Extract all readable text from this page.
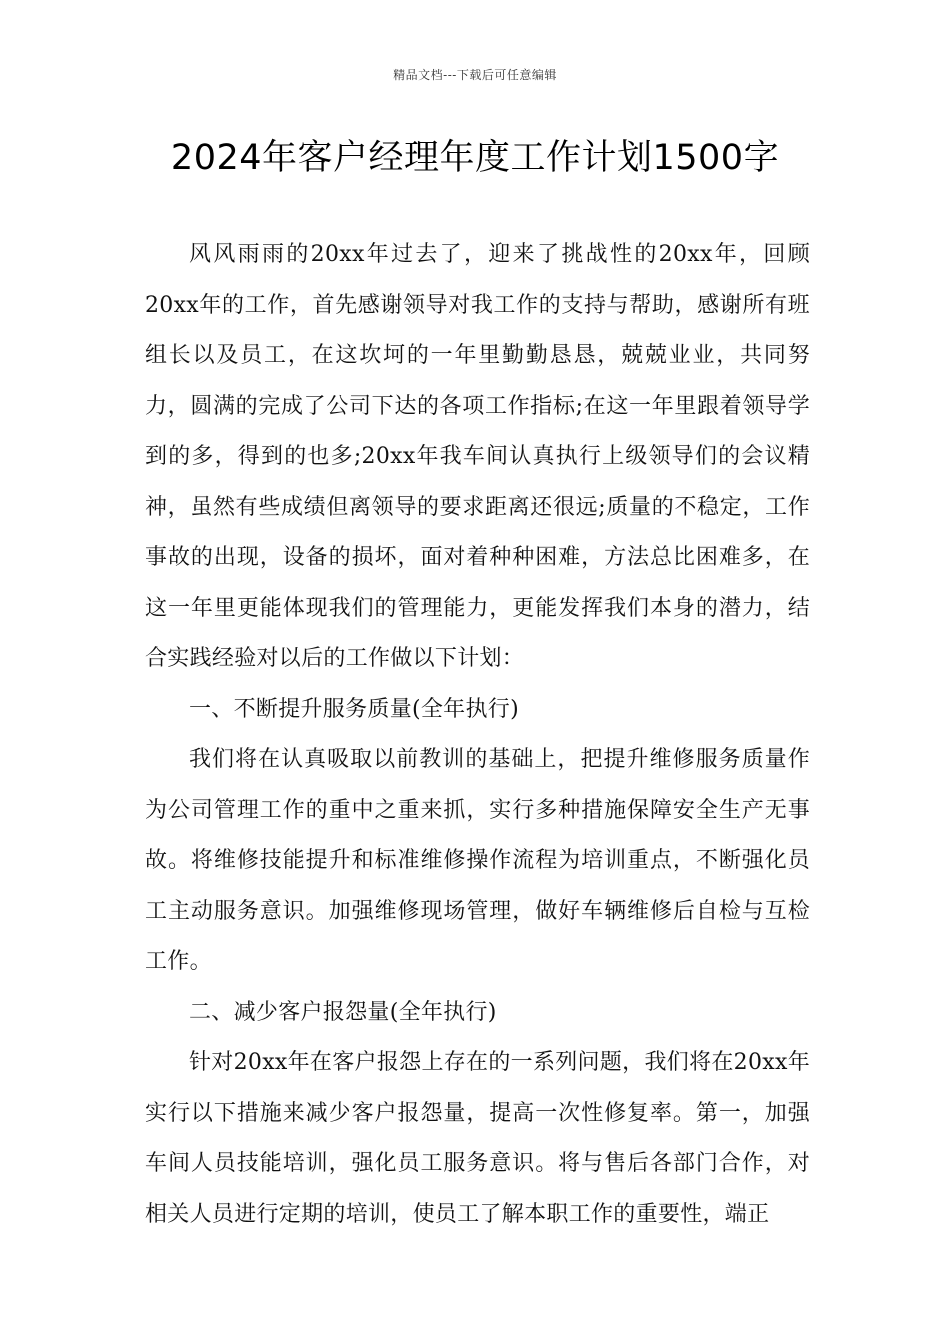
精品文档---下载后可任意编辑
2024年客户经理年度工作计划1500字

风风雨雨的20xx年过去了，迎来了挑战性的20xx年，回顾20xx年的工作，首先感谢领导对我工作的支持与帮助，感谢所有班组长以及员工，在这坎坷的一年里勤勤恳恳，兢兢业业，共同努力，圆满的完成了公司下达的各项工作指标;在这一年里跟着领导学到的多，得到的也多;20xx年我车间认真执行上级领导们的会议精神，虽然有些成绩但离领导的要求距离还很远;质量的不稳定，工作事故的出现，设备的损坏，面对着种种困难，方法总比困难多，在这一年里更能体现我们的管理能力，更能发挥我们本身的潜力，结合实践经验对以后的工作做以下计划：

一、不断提升服务质量(全年执行)

我们将在认真吸取以前教训的基础上，把提升维修服务质量作为公司管理工作的重中之重来抓，实行多种措施保障安全生产无事故。将维修技能提升和标准维修操作流程为培训重点，不断强化员工主动服务意识。加强维修现场管理，做好车辆维修后自检与互检工作。

二、减少客户报怨量(全年执行)

针对20xx年在客户报怨上存在的一系列问题，我们将在20xx年实行以下措施来减少客户报怨量，提高一次性修复率。第一，加强车间人员技能培训，强化员工服务意识。将与售后各部门合作，对相关人员进行定期的培训，使员工了解本职工作的重要性，端正
